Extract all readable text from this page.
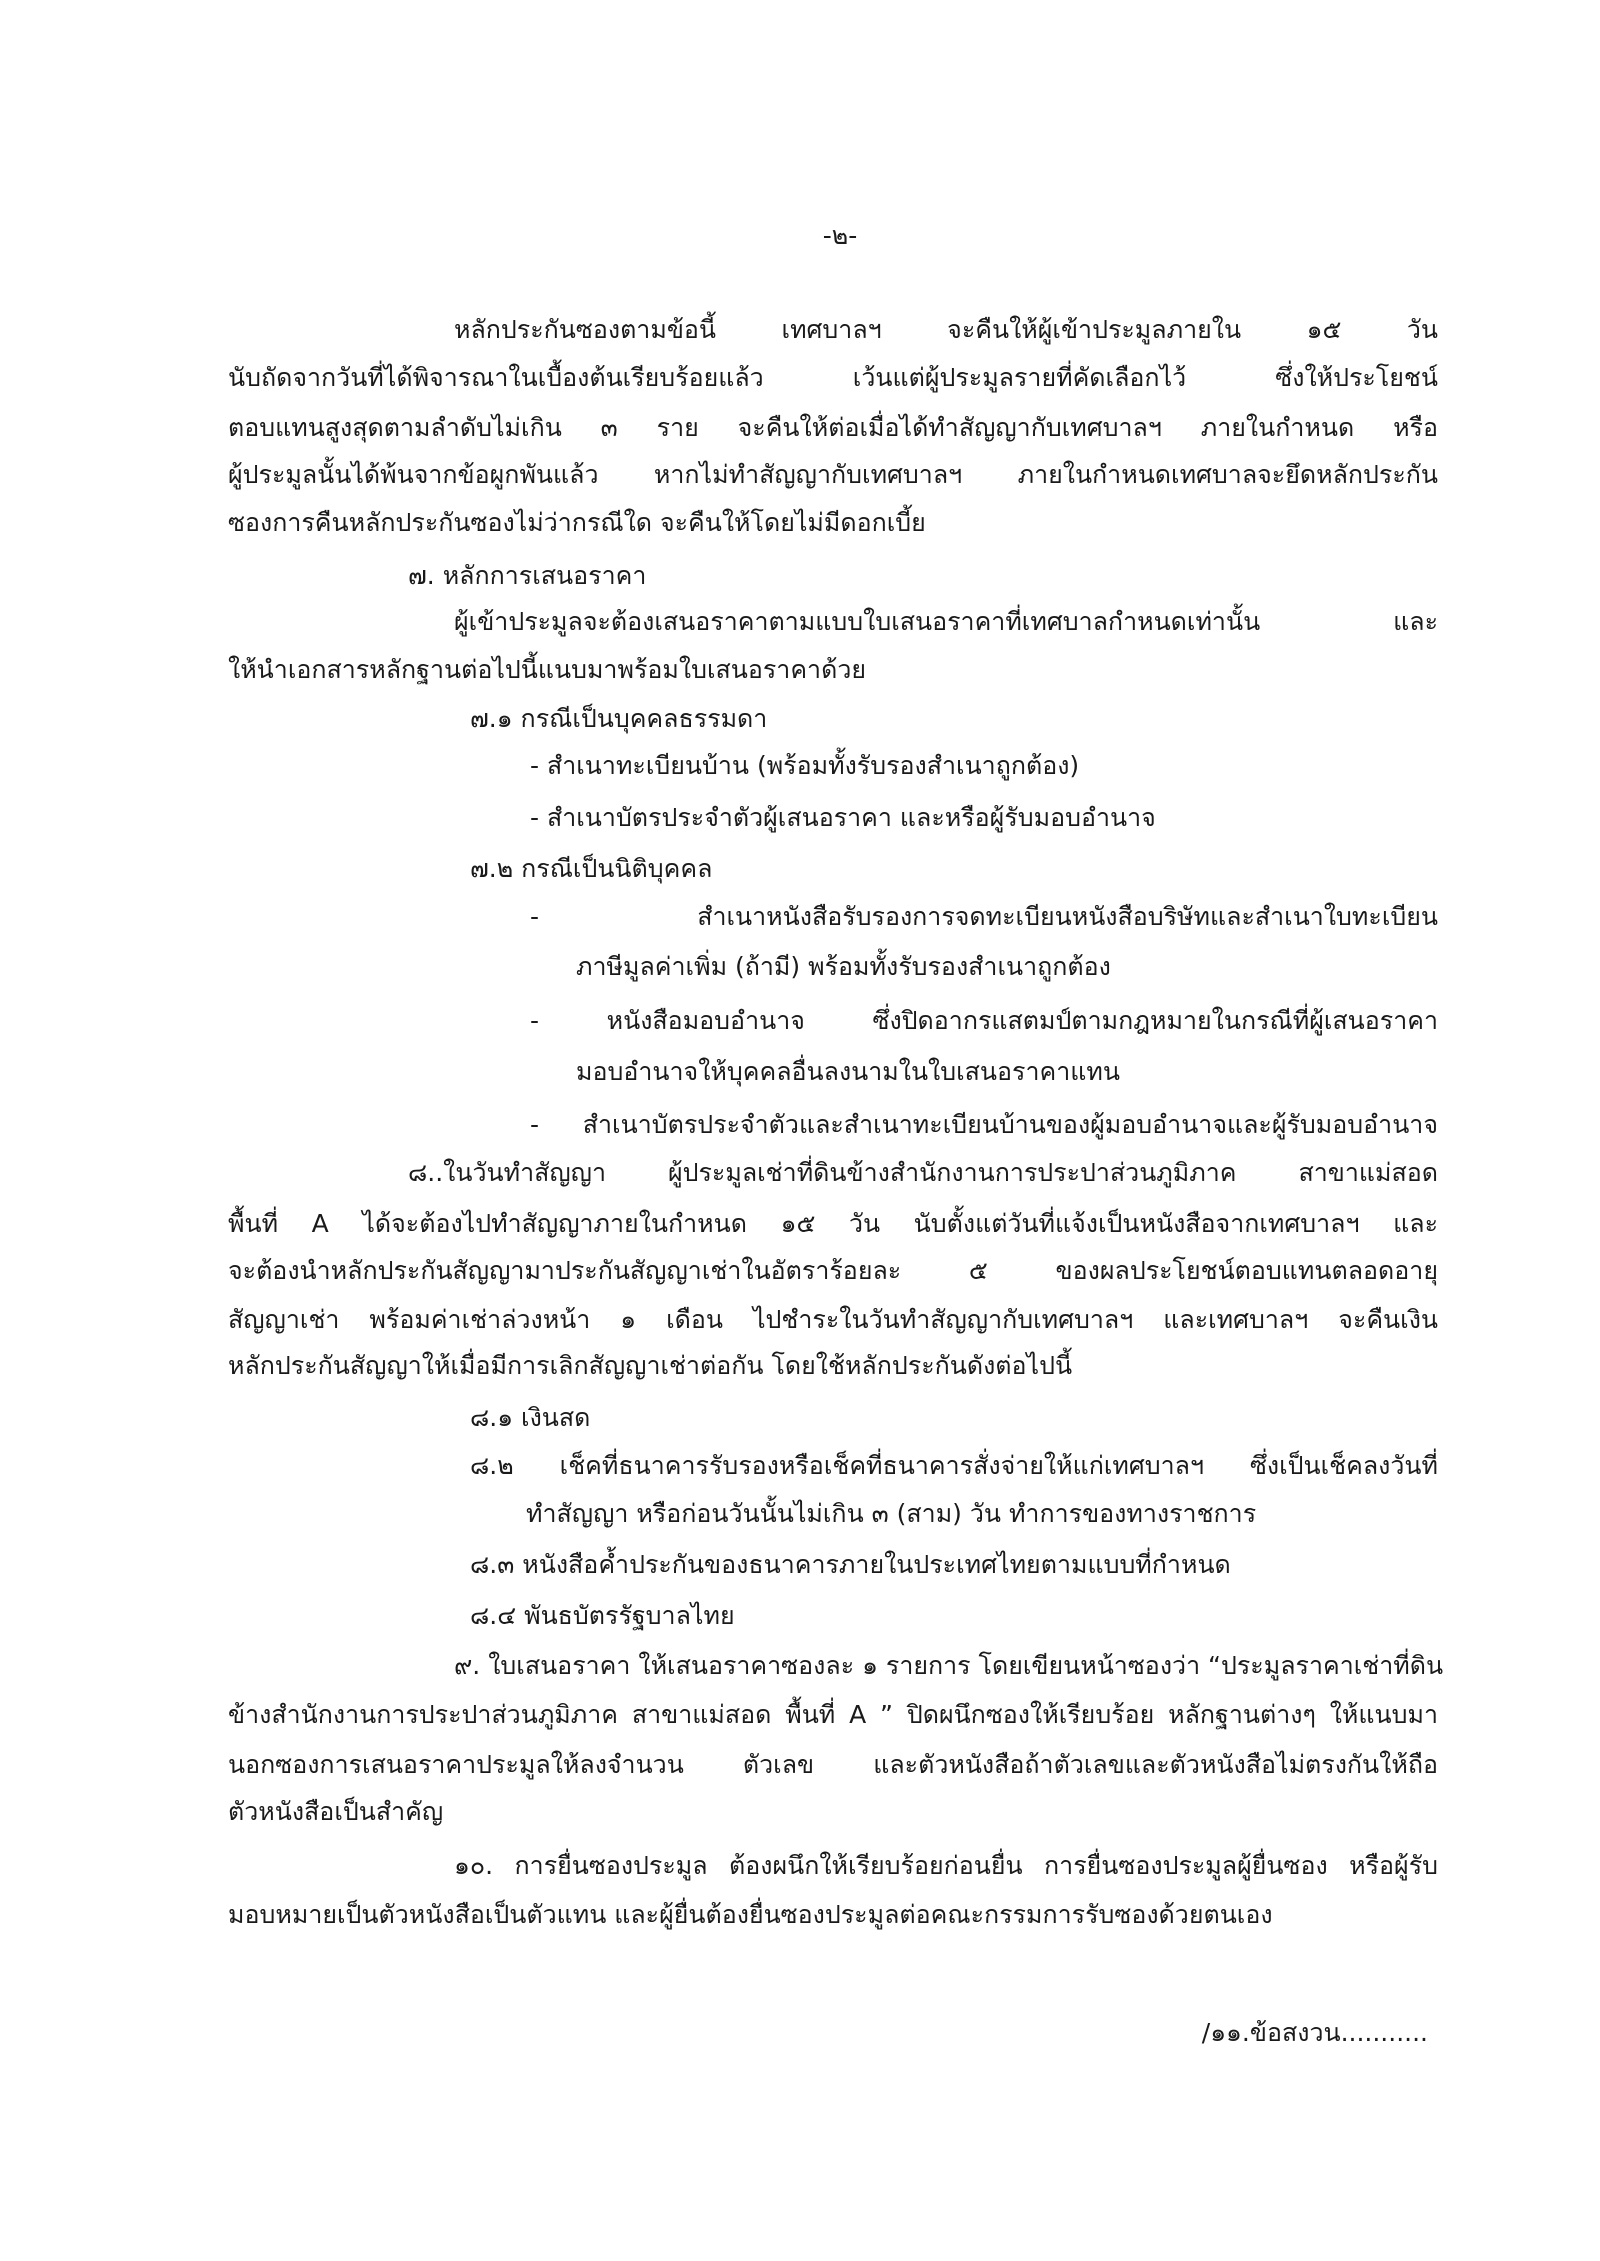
-๒-
หลักประกันซองตามข้อนี้ เทศบาลฯ จะคืนให้ผู้เข้าประมูลภายใน ๑๕ วัน
นับถัดจากวันที่ได้พิจารณาในเบื้องต้นเรียบร้อยแล้ว เว้นแต่ผู้ประมูลรายที่คัดเลือกไว้ ซึ่งให้ประโยชน์
ตอบแทนสูงสุดตามลำดับไม่เกิน ๓ ราย จะคืนให้ต่อเมื่อได้ทำสัญญากับเทศบาลฯ ภายในกำหนด หรือ
ผู้ประมูลนั้นได้พ้นจากข้อผูกพันแล้ว หากไม่ทำสัญญากับเทศบาลฯ ภายในกำหนดเทศบาลจะยึดหลักประกัน
ซองการคืนหลักประกันซองไม่ว่ากรณีใด จะคืนให้โดยไม่มีดอกเบี้ย
๗. หลักการเสนอราคา
ผู้เข้าประมูลจะต้องเสนอราคาตามแบบใบเสนอราคาที่เทศบาลกำหนดเท่านั้น และ
ให้นำเอกสารหลักฐานต่อไปนี้แนบมาพร้อมใบเสนอราคาด้วย
๗.๑ กรณีเป็นบุคคลธรรมดา
- สำเนาทะเบียนบ้าน (พร้อมทั้งรับรองสำเนาถูกต้อง)
- สำเนาบัตรประจำตัวผู้เสนอราคา และหรือผู้รับมอบอำนาจ
๗.๒ กรณีเป็นนิติบุคคล
- สำเนาหนังสือรับรองการจดทะเบียนหนังสือบริษัทและสำเนาใบทะเบียน
ภาษีมูลค่าเพิ่ม (ถ้ามี) พร้อมทั้งรับรองสำเนาถูกต้อง
- หนังสือมอบอำนาจ ซึ่งปิดอากรแสตมป์ตามกฎหมายในกรณีที่ผู้เสนอราคา
มอบอำนาจให้บุคคลอื่นลงนามในใบเสนอราคาแทน
- สำเนาบัตรประจำตัวและสำเนาทะเบียนบ้านของผู้มอบอำนาจและผู้รับมอบอำนาจ
๘..ในวันทำสัญญา ผู้ประมูลเช่าที่ดินข้างสำนักงานการประปาส่วนภูมิภาค สาขาแม่สอด
พื้นที่ A ได้จะต้องไปทำสัญญาภายในกำหนด ๑๕ วัน นับตั้งแต่วันที่แจ้งเป็นหนังสือจากเทศบาลฯ และ
จะต้องนำหลักประกันสัญญามาประกันสัญญาเช่าในอัตราร้อยละ ๕ ของผลประโยชน์ตอบแทนตลอดอายุ
สัญญาเช่า พร้อมค่าเช่าล่วงหน้า ๑ เดือน ไปชำระในวันทำสัญญากับเทศบาลฯ และเทศบาลฯ จะคืนเงิน
หลักประกันสัญญาให้เมื่อมีการเลิกสัญญาเช่าต่อกัน โดยใช้หลักประกันดังต่อไปนี้
๘.๑ เงินสด
๘.๒ เช็คที่ธนาคารรับรองหรือเช็คที่ธนาคารสั่งจ่ายให้แก่เทศบาลฯ ซึ่งเป็นเช็คลงวันที่
ทำสัญญา หรือก่อนวันนั้นไม่เกิน ๓ (สาม) วัน ทำการของทางราชการ
๘.๓ หนังสือค้ำประกันของธนาคารภายในประเทศไทยตามแบบที่กำหนด
๘.๔ พันธบัตรรัฐบาลไทย
๙. ใบเสนอราคา ให้เสนอราคาซองละ ๑ รายการ โดยเขียนหน้าซองว่า “ประมูลราคาเช่าที่ดิน
ข้างสำนักงานการประปาส่วนภูมิภาค สาขาแม่สอด พื้นที่ A ” ปิดผนึกซองให้เรียบร้อย หลักฐานต่างๆ ให้แนบมา
นอกซองการเสนอราคาประมูลให้ลงจำนวน ตัวเลข และตัวหนังสือถ้าตัวเลขและตัวหนังสือไม่ตรงกันให้ถือ
ตัวหนังสือเป็นสำคัญ
๑๐. การยื่นซองประมูล ต้องผนึกให้เรียบร้อยก่อนยื่น การยื่นซองประมูลผู้ยื่นซอง หรือผู้รับ
มอบหมายเป็นตัวหนังสือเป็นตัวแทน และผู้ยื่นต้องยื่นซองประมูลต่อคณะกรรมการรับซองด้วยตนเอง
/๑๑.ข้อสงวน...........
